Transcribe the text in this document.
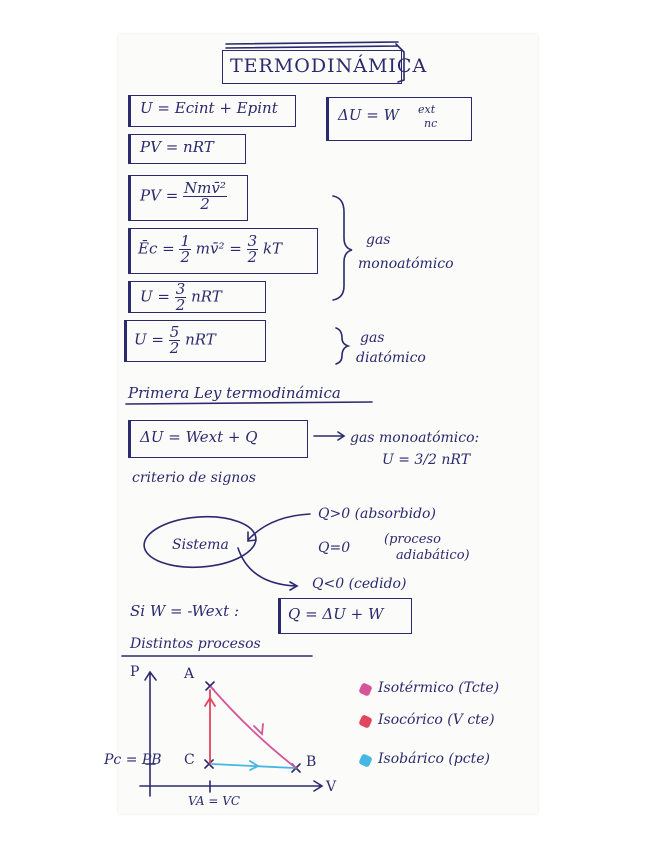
TERMODINÁMICA
U = Ecint + Epint	ΔU = W ext
nc
PV = nRT
PV = $\frac{\text{Nmv̄²}}{2}$
Ēc = $\frac{1}{2}$ mv̄² = $\frac{3}{2}$ kT
$U = \frac{3}{2}$ nRT
$U = \frac{5}{2}$ nRT
gas
monoatómico
gas
diatómico
Primera Ley termodinámica
ΔU = Wext + Q	gas monoatómico:
U = 3/2 nRT
criterio de signos
Sistema
Q>0 (absorbido)
Q=0
(proceso
adiabático)
Q<0 (cedido)
Si W = -Wext :	Q = ΔU + W
Distintos procesos
P
V
A
C	B
Pc = PB
VA = VC
Isotérmico (Tcte)
Isocórico (V cte)
Isobárico (pcte)
